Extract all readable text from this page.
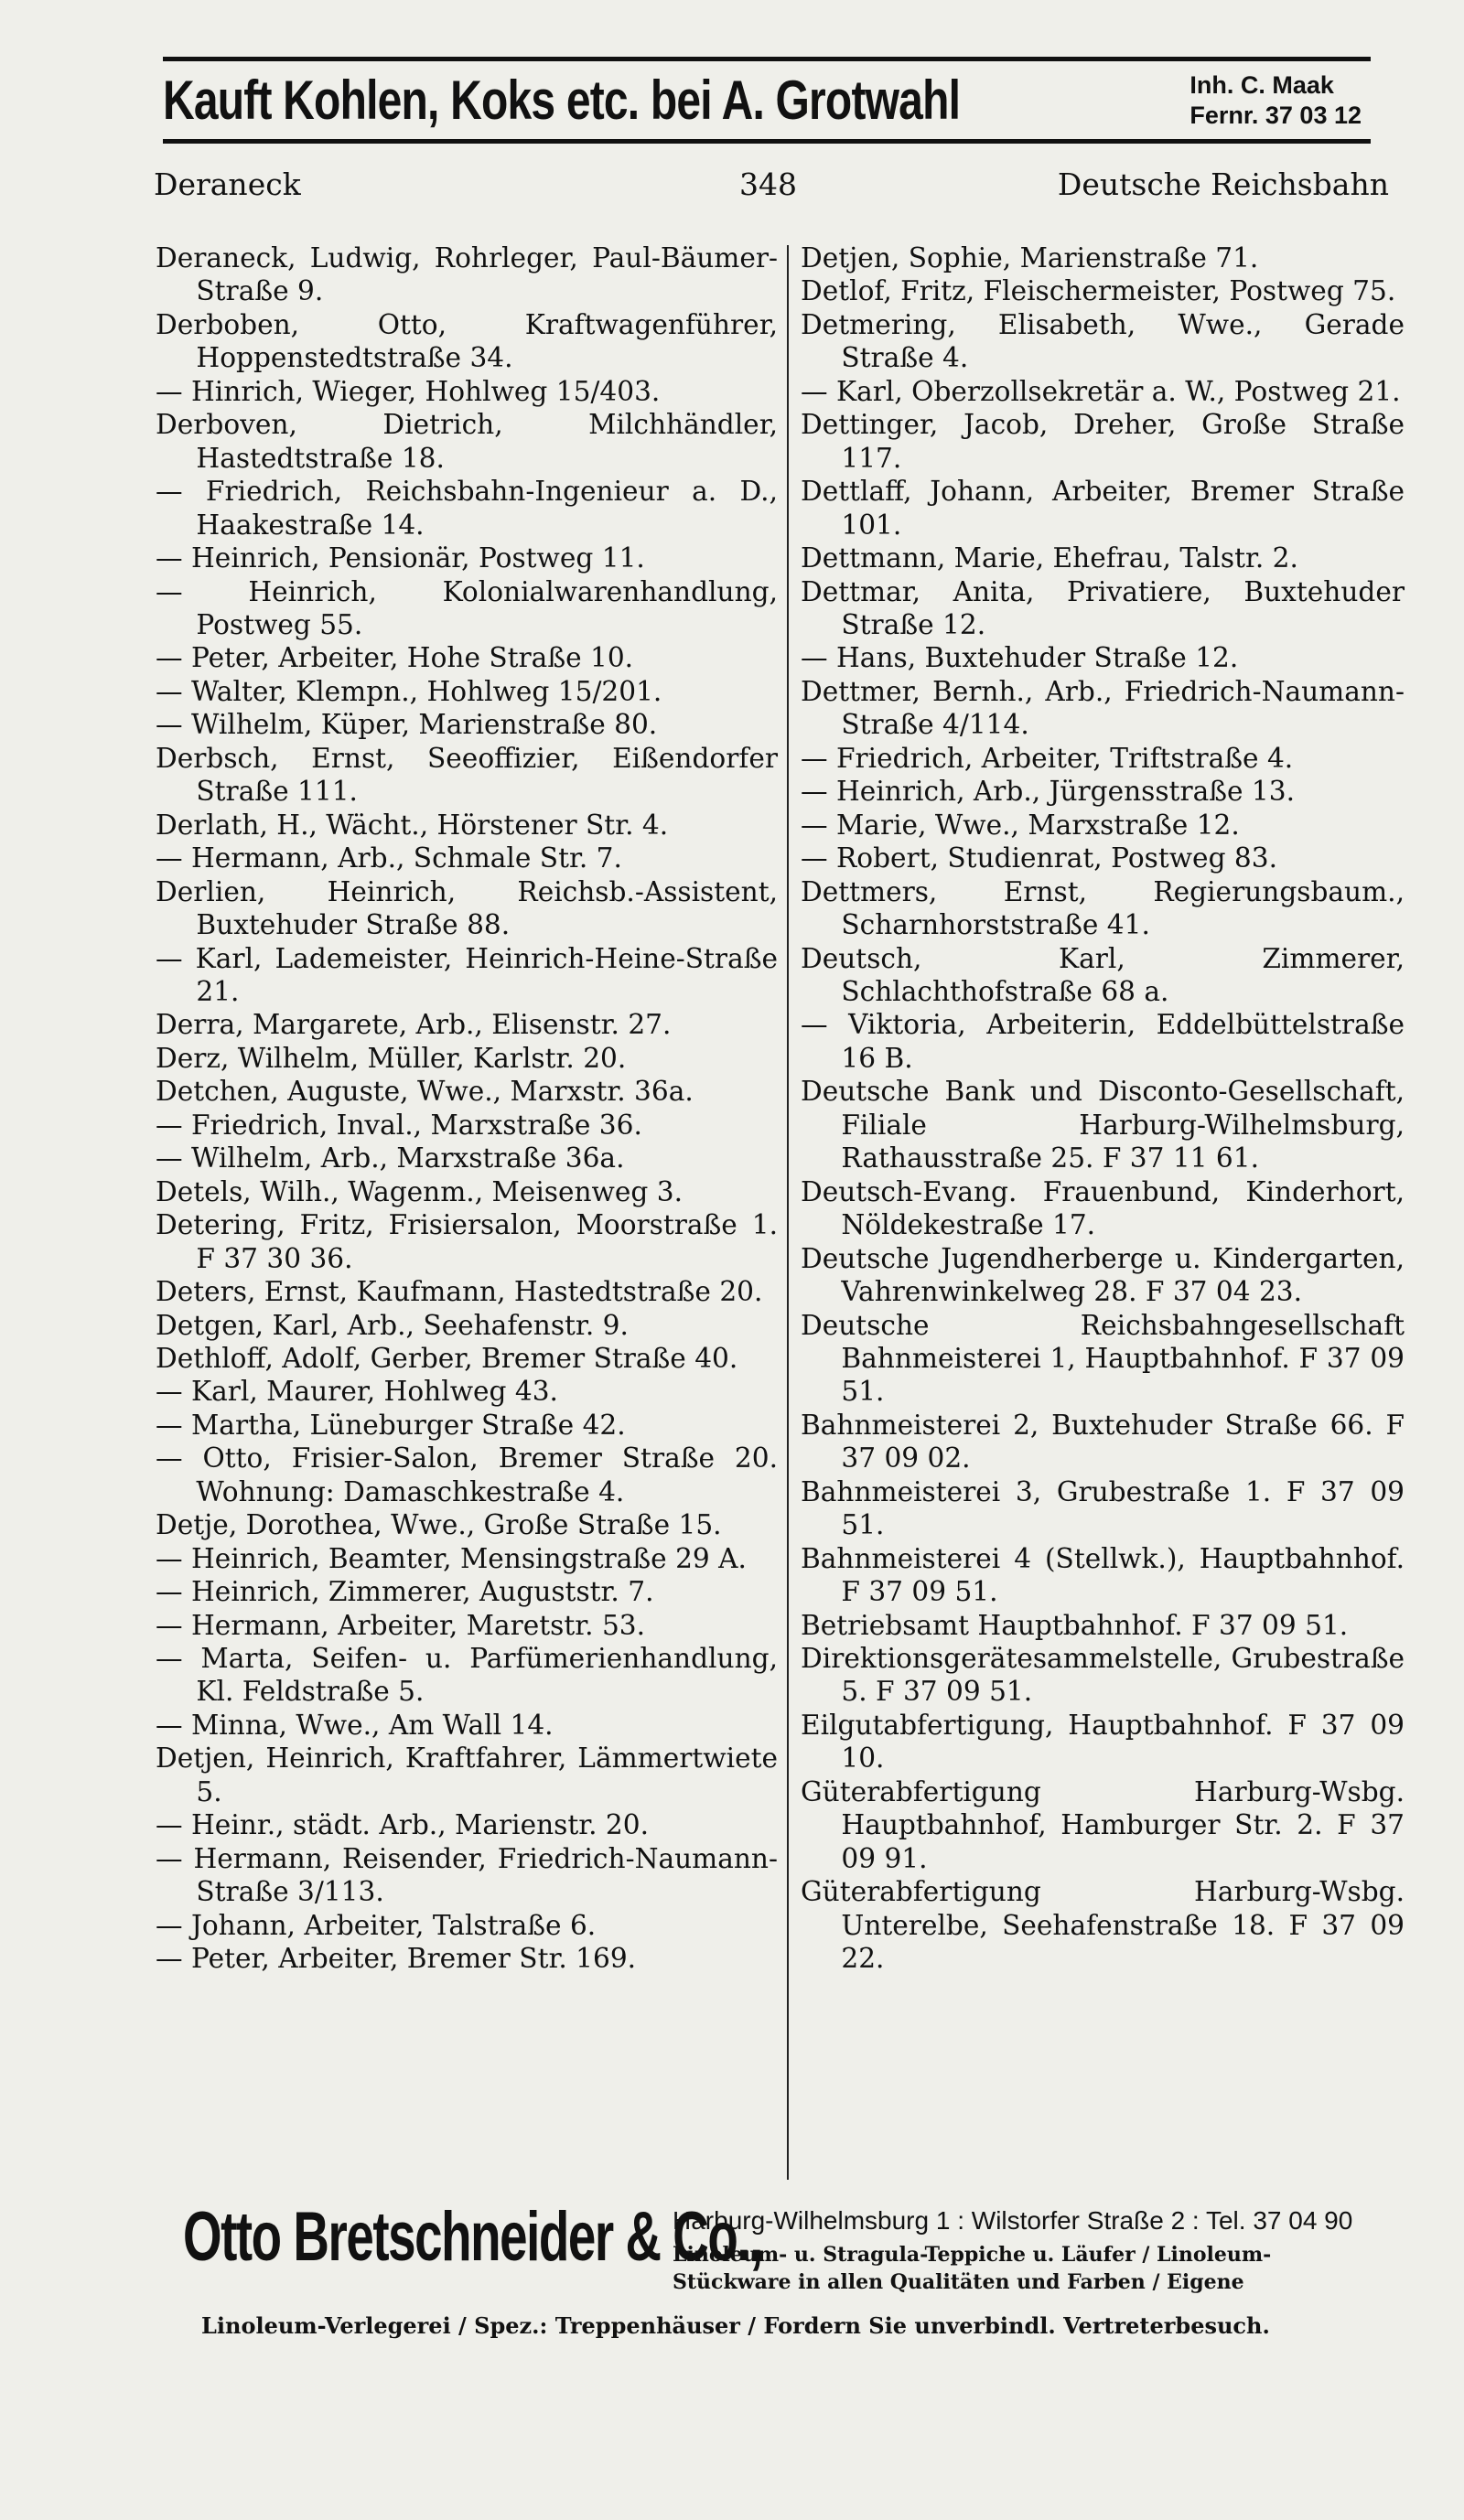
Kauft Kohlen, Koks etc. bei A. Grotwahl	Inh. C. Maak
Fernr. 37 03 12
Deraneck	348	Deutsche Reichsbahn
Deraneck, Ludwig, Rohrleger, Paul-Bäumer-Straße 9.
Derboben, Otto, Kraftwagenführer, Hoppenstedtstraße 34.
— Hinrich, Wieger, Hohlweg 15/403.
Derboven, Dietrich, Milchhändler, Hastedtstraße 18.
— Friedrich, Reichsbahn-Ingenieur a. D., Haakestraße 14.
— Heinrich, Pensionär, Postweg 11.
— Heinrich, Kolonialwarenhandlung, Postweg 55.
— Peter, Arbeiter, Hohe Straße 10.
— Walter, Klempn., Hohlweg 15/201.
— Wilhelm, Küper, Marienstraße 80.
Derbsch, Ernst, Seeoffizier, Eißendorfer Straße 111.
Derlath, H., Wächt., Hörstener Str. 4.
— Hermann, Arb., Schmale Str. 7.
Derlien, Heinrich, Reichsb.-Assistent, Buxtehuder Straße 88.
— Karl, Lademeister, Heinrich-Heine-Straße 21.
Derra, Margarete, Arb., Elisenstr. 27.
Derz, Wilhelm, Müller, Karlstr. 20.
Detchen, Auguste, Wwe., Marxstr. 36a.
— Friedrich, Inval., Marxstraße 36.
— Wilhelm, Arb., Marxstraße 36a.
Detels, Wilh., Wagenm., Meisenweg 3.
Detering, Fritz, Frisiersalon, Moorstraße 1. F 37 30 36.
Deters, Ernst, Kaufmann, Hastedtstraße 20.
Detgen, Karl, Arb., Seehafenstr. 9.
Dethloff, Adolf, Gerber, Bremer Straße 40.
— Karl, Maurer, Hohlweg 43.
— Martha, Lüneburger Straße 42.
— Otto, Frisier-Salon, Bremer Straße 20. Wohnung: Damaschkestraße 4.
Detje, Dorothea, Wwe., Große Straße 15.
— Heinrich, Beamter, Mensingstraße 29 A.
— Heinrich, Zimmerer, Auguststr. 7.
— Hermann, Arbeiter, Maretstr. 53.
— Marta, Seifen- u. Parfümerienhandlung, Kl. Feldstraße 5.
— Minna, Wwe., Am Wall 14.
Detjen, Heinrich, Kraftfahrer, Lämmertwiete 5.
— Heinr., städt. Arb., Marienstr. 20.
— Hermann, Reisender, Friedrich-Naumann-Straße 3/113.
— Johann, Arbeiter, Talstraße 6.
— Peter, Arbeiter, Bremer Str. 169.
Detjen, Sophie, Marienstraße 71.
Detlof, Fritz, Fleischermeister, Postweg 75.
Detmering, Elisabeth, Wwe., Gerade Straße 4.
— Karl, Oberzollsekretär a. W., Postweg 21.
Dettinger, Jacob, Dreher, Große Straße 117.
Dettlaff, Johann, Arbeiter, Bremer Straße 101.
Dettmann, Marie, Ehefrau, Talstr. 2.
Dettmar, Anita, Privatiere, Buxtehuder Straße 12.
— Hans, Buxtehuder Straße 12.
Dettmer, Bernh., Arb., Friedrich-Naumann-Straße 4/114.
— Friedrich, Arbeiter, Triftstraße 4.
— Heinrich, Arb., Jürgensstraße 13.
— Marie, Wwe., Marxstraße 12.
— Robert, Studienrat, Postweg 83.
Dettmers, Ernst, Regierungsbaum., Scharnhorststraße 41.
Deutsch, Karl, Zimmerer, Schlachthofstraße 68 a.
— Viktoria, Arbeiterin, Eddelbüttelstraße 16 B.
Deutsche Bank und Disconto-Gesellschaft, Filiale Harburg-Wilhelmsburg, Rathausstraße 25. F 37 11 61.
Deutsch-Evang. Frauenbund, Kinderhort, Nöldekestraße 17.
Deutsche Jugendherberge u. Kindergarten, Vahrenwinkelweg 28. F 37 04 23.
Deutsche Reichsbahngesellschaft Bahnmeisterei 1, Hauptbahnhof. F 37 09 51.
Bahnmeisterei 2, Buxtehuder Straße 66. F 37 09 02.
Bahnmeisterei 3, Grubestraße 1. F 37 09 51.
Bahnmeisterei 4 (Stellwk.), Hauptbahnhof. F 37 09 51.
Betriebsamt Hauptbahnhof. F 37 09 51.
Direktionsgerätesammelstelle, Grubestraße 5. F 37 09 51.
Eilgutabfertigung, Hauptbahnhof. F 37 09 10.
Güterabfertigung Harburg-Wsbg. Hauptbahnhof, Hamburger Str. 2. F 37 09 91.
Güterabfertigung Harburg-Wsbg. Unterelbe, Seehafenstraße 18. F 37 09 22.
Otto Bretschneider & Co.,
Harburg-Wilhelmsburg 1 : Wilstorfer Straße 2 : Tel. 37 04 90
Linoleum- u. Stragula-Teppiche u. Läufer / Linoleum-
Stückware in allen Qualitäten und Farben / Eigene
Linoleum-Verlegerei / Spez.: Treppenhäuser / Fordern Sie unverbindl. Vertreterbesuch.
